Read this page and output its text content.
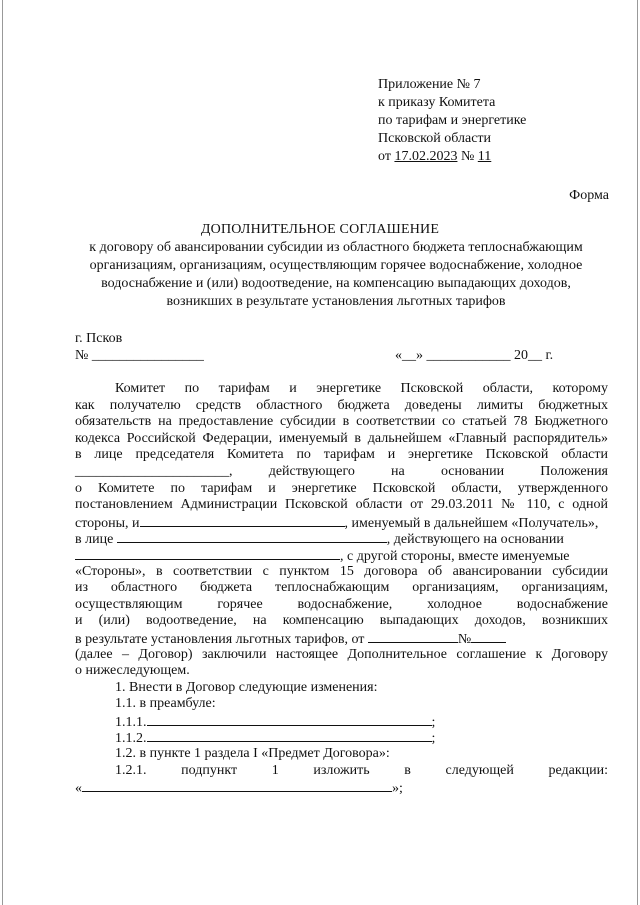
Приложение № 7
к приказу Комитета
по тарифам и энергетике
Псковской области
от 17.02.2023 № 11
Форма
ДОПОЛНИТЕЛЬНОЕ СОГЛАШЕНИЕ
к договору об авансировании субсидии из областного бюджета теплоснабжающим
организациям, организациям, осуществляющим горячее водоснабжение, холодное
водоснабжение и (или) водоотведение, на компенсацию выпадающих доходов,
возникших в результате установления льготных тарифов
г. Псков
№ ________________	«__» ____________ 20__ г.
Комитет по тарифам и энергетике Псковской области, которому
как получателю средств областного бюджета доведены лимиты бюджетных
обязательств на предоставление субсидии в соответствии со статьей 78 Бюджетного
кодекса Российской Федерации, именуемый в дальнейшем «Главный распорядитель»
в лице председателя Комитета по тарифам и энергетике Псковской области
______________________,	действующего на основании Положения
о Комитете по тарифам и энергетике Псковской области, утвержденного
постановлением Администрации Псковской области от 29.03.2011 № 110, с одной
стороны, и	, именуемый в дальнейшем «Получатель»,
в лице	, действующего на основании
, с другой стороны, вместе именуемые
«Стороны», в соответствии с пунктом 15 договора об авансировании субсидии
из областного бюджета теплоснабжающим организациям, организациям,
осуществляющим горячее водоснабжение, холодное водоснабжение
и (или) водоотведение, на компенсацию выпадающих доходов, возникших
в результате установления льготных тарифов, от	№
(далее – Договор) заключили настоящее Дополнительное соглашение к Договору
о нижеследующем.
1. Внести в Договор следующие изменения:
1.1. в преамбуле:
1.1.1.	;
1.1.2.	;
1.2. в пункте 1 раздела I «Предмет Договора»:
1.2.1. подпункт 1 изложить в следующей редакции:
«	»;
